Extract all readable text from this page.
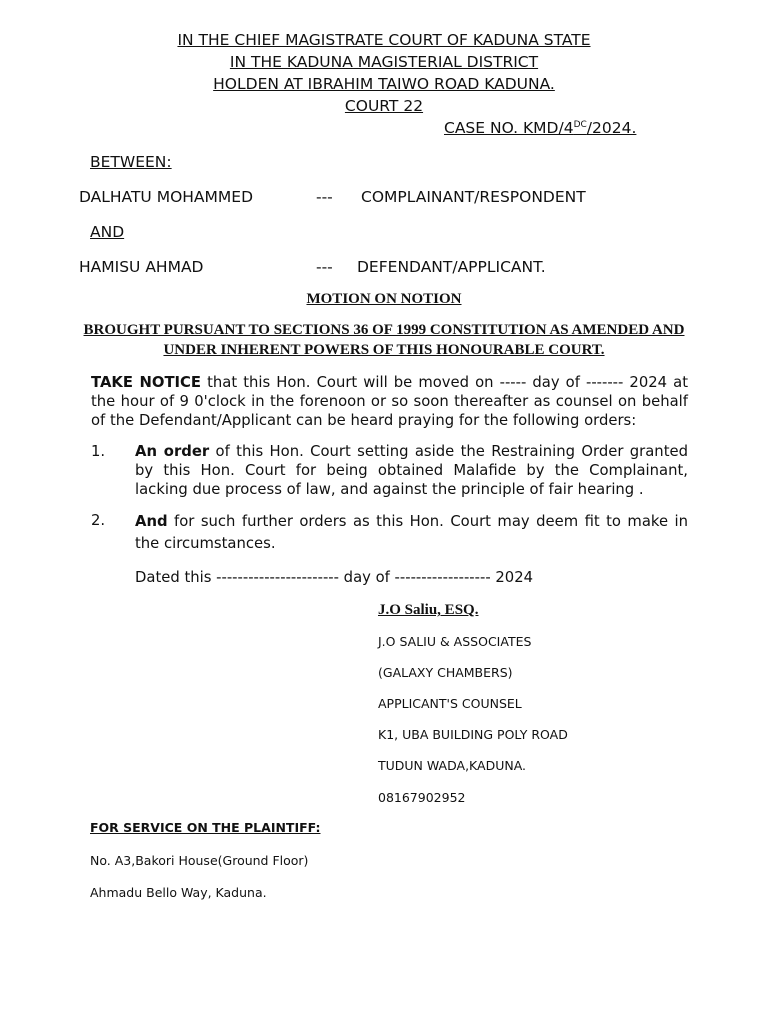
IN THE CHIEF MAGISTRATE COURT OF KADUNA STATE
IN THE KADUNA MAGISTERIAL DISTRICT
HOLDEN AT IBRAHIM TAIWO ROAD KADUNA.
COURT 22
CASE NO. KMD/$4^{DC}/2024$.
BETWEEN:
DALHATU MOHAMMED	--- COMPLAINANT/RESPONDENT
AND
HAMISU AHMAD	--- DEFENDANT/APPLICANT.
MOTION ON NOTION
BROUGHT PURSUANT TO SECTIONS 36 OF 1999 CONSTITUTION AS AMENDED AND
UNDER INHERENT POWERS OF THIS HONOURABLE COURT.
TAKE NOTICE that this Hon. Court will be moved on ----- day of ------- 2024 at the hour of 9 0'clock in the forenoon or so soon thereafter as counsel on behalf of the Defendant/Applicant can be heard praying for the following orders:
1. An order of this Hon. Court setting aside the Restraining Order granted by this Hon. Court for being obtained Malafide by the Complainant, lacking due process of law, and against the principle of fair hearing .
2. And for such further orders as this Hon. Court may deem fit to make in the circumstances.
Dated this ----------------------- day of ------------------ 2024
J.O Saliu, ESQ.
J.O SALIU & ASSOCIATES
(GALAXY CHAMBERS)
APPLICANT'S COUNSEL
K1, UBA BUILDING POLY ROAD
TUDUN WADA,KADUNA.
08167902952
FOR SERVICE ON THE PLAINTIFF:
No. A3,Bakori House(Ground Floor)
Ahmadu Bello Way, Kaduna.
